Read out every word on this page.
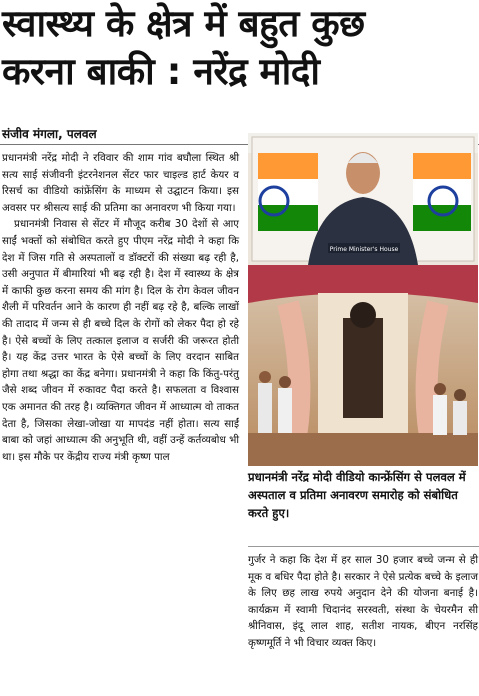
स्वास्थ्य के क्षेत्र में बहुत कुछ
करना बाकी : नरेंद्र मोदी
संजीव मंगला, पलवल

प्रधानमंत्री नरेंद्र मोदी ने रविवार की शाम गांव बघौला स्थित श्री सत्य साई संजीवनी इंटरनेशनल सेंटर फार चाइल्ड हार्ट केयर व रिसर्च का वीडियो कांफ्रेंसिंग के माध्यम से उद्घाटन किया। इस अवसर पर श्रीसत्य साई की प्रतिमा का अनावरण भी किया गया।

प्रधानमंत्री निवास से सेंटर में मौजूद करीब 30 देशों से आए साईं भक्तों को संबोधित करते हुए पीएम नरेंद्र मोदी ने कहा कि देश में जिस गति से अस्पतालों व डॉक्टरों की संख्या बढ़ रही है, उसी अनुपात में बीमारियां भी बढ़ रही है। देश में स्वास्थ्य के क्षेत्र में काफी कुछ करना समय की मांग है। दिल के रोग केवल जीवन शैली में परिवर्तन आने के कारण ही नहीं बढ़ रहे है, बल्कि लाखों की तादाद में जन्म से ही बच्चे दिल के रोगों को लेकर पैदा हो रहे है। ऐसे बच्चों के लिए तत्काल इलाज व सर्जरी की जरूरत होती है। यह केंद्र उत्तर भारत के ऐसे बच्चों के लिए वरदान साबित होगा तथा श्रद्धा का केंद्र बनेगा। प्रधानमंत्री ने कहा कि किंतु-परंतु जैसे शब्द जीवन में रुकावट पैदा करते है। सफलता व विश्वास एक अमानत की तरह है। व्यक्तिगत जीवन में आध्यात्म वो ताकत देता है, जिसका लेखा-जोखा या मापदंड नहीं होता। सत्य साईं बाबा को जहां आध्यात्म की अनुभूति थी, वहीं उन्हें कर्तव्यबोध भी था। इस मौके पर केंद्रीय राज्य मंत्री कृष्ण पाल

Prime Minister's House
प्रधानमंत्री नरेंद्र मोदी वीडियो कान्फ्रेंसिंग से पलवल में अस्पताल व प्रतिमा अनावरण समारोह को संबोधित करते हुए।

गुर्जर ने कहा कि देश में हर साल 30 हजार बच्चे जन्म से ही मूक व बधिर पैदा होते है। सरकार ने ऐसे प्रत्येक बच्चे के इलाज के लिए छह लाख रुपये अनुदान देने की योजना बनाई है। कार्यक्रम में स्वामी चिदानंद सरस्वती, संस्था के चेयरमैन सी श्रीनिवास, इंदू लाल शाह, सतीश नायक, बीएन नरसिंह कृष्णमूर्ति ने भी विचार व्यक्त किए।
